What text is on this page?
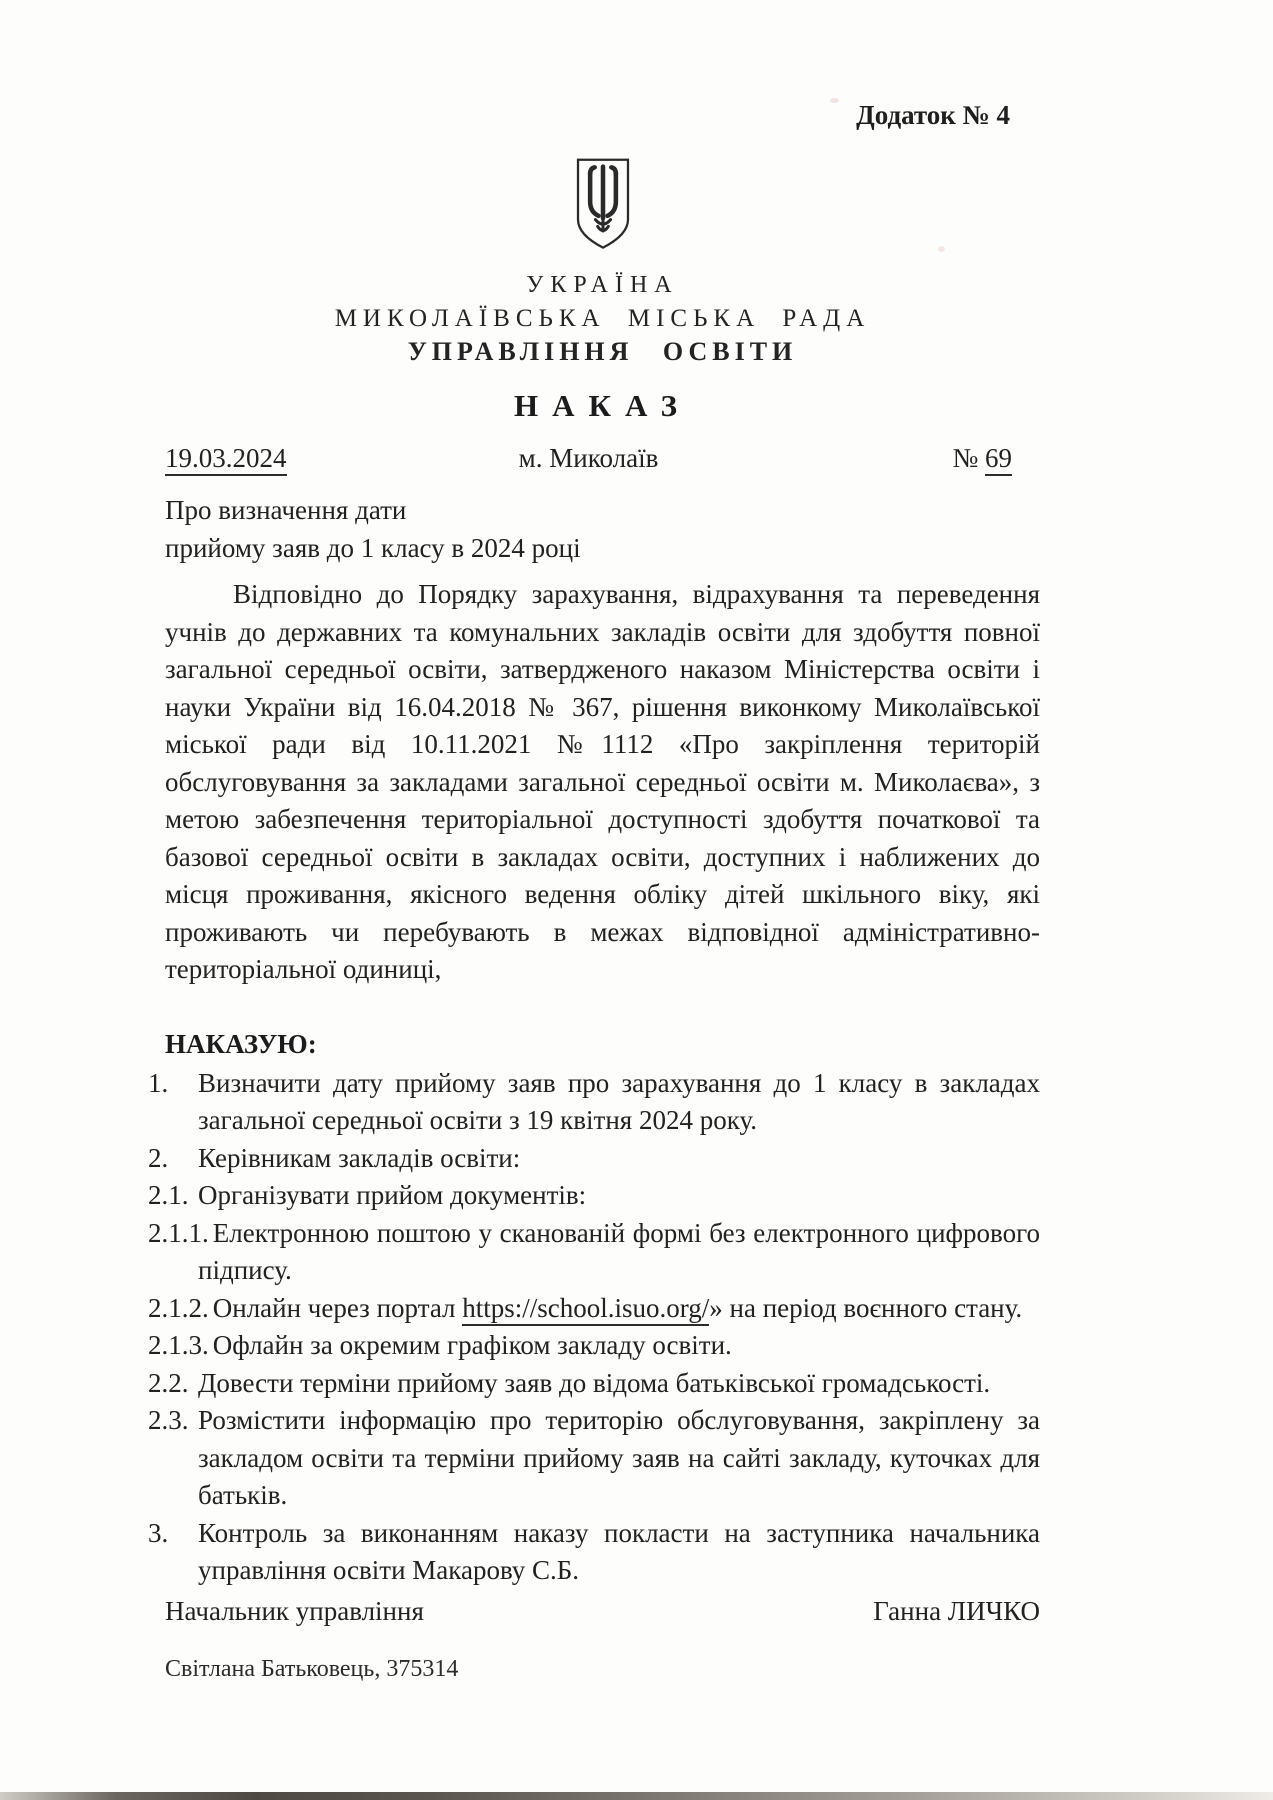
Додаток № 4
УКРАЇНА
МИКОЛАЇВСЬКА МІСЬКА РАДА
УПРАВЛІННЯ ОСВІТИ
НАКАЗ
19.03.2024	м. Миколаїв	№ 69
Про визначення дати
прийому заяв до 1 класу в 2024 році
Відповідно до Порядку зарахування, відрахування та переведення учнів до державних та комунальних закладів освіти для здобуття повної загальної середньої освіти, затвердженого наказом Міністерства освіти і науки України від 16.04.2018 № 367, рішення виконкому Миколаївської міської ради від 10.11.2021 №1112 «Про закріплення територій обслуговування за закладами загальної середньої освіти м. Миколаєва», з метою забезпечення територіальної доступності здобуття початкової та базової середньої освіти в закладах освіти, доступних і наближених до місця проживання, якісного ведення обліку дітей шкільного віку, які проживають чи перебувають в межах відповідної адміністративно-територіальної одиниці,
НАКАЗУЮ:
1. Визначити дату прийому заяв про зарахування до 1 класу в закладах загальної середньої освіти з 19 квітня 2024 року.
2. Керівникам закладів освіти:
2.1. Організувати прийом документів:
2.1.1. Електронною поштою у сканованій формі без електронного цифрового підпису.
2.1.2. Онлайн через портал https://school.isuo.org/» на період воєнного стану.
2.1.3. Офлайн за окремим графіком закладу освіти.
2.2. Довести терміни прийому заяв до відома батьківської громадськості.
2.3. Розмістити інформацію про територію обслуговування, закріплену за закладом освіти та терміни прийому заяв на сайті закладу, куточках для батьків.
3. Контроль за виконанням наказу покласти на заступника начальника управління освіти Макарову С.Б.
Начальник управління	Ганна ЛИЧКО
Світлана Батьковець, 375314
